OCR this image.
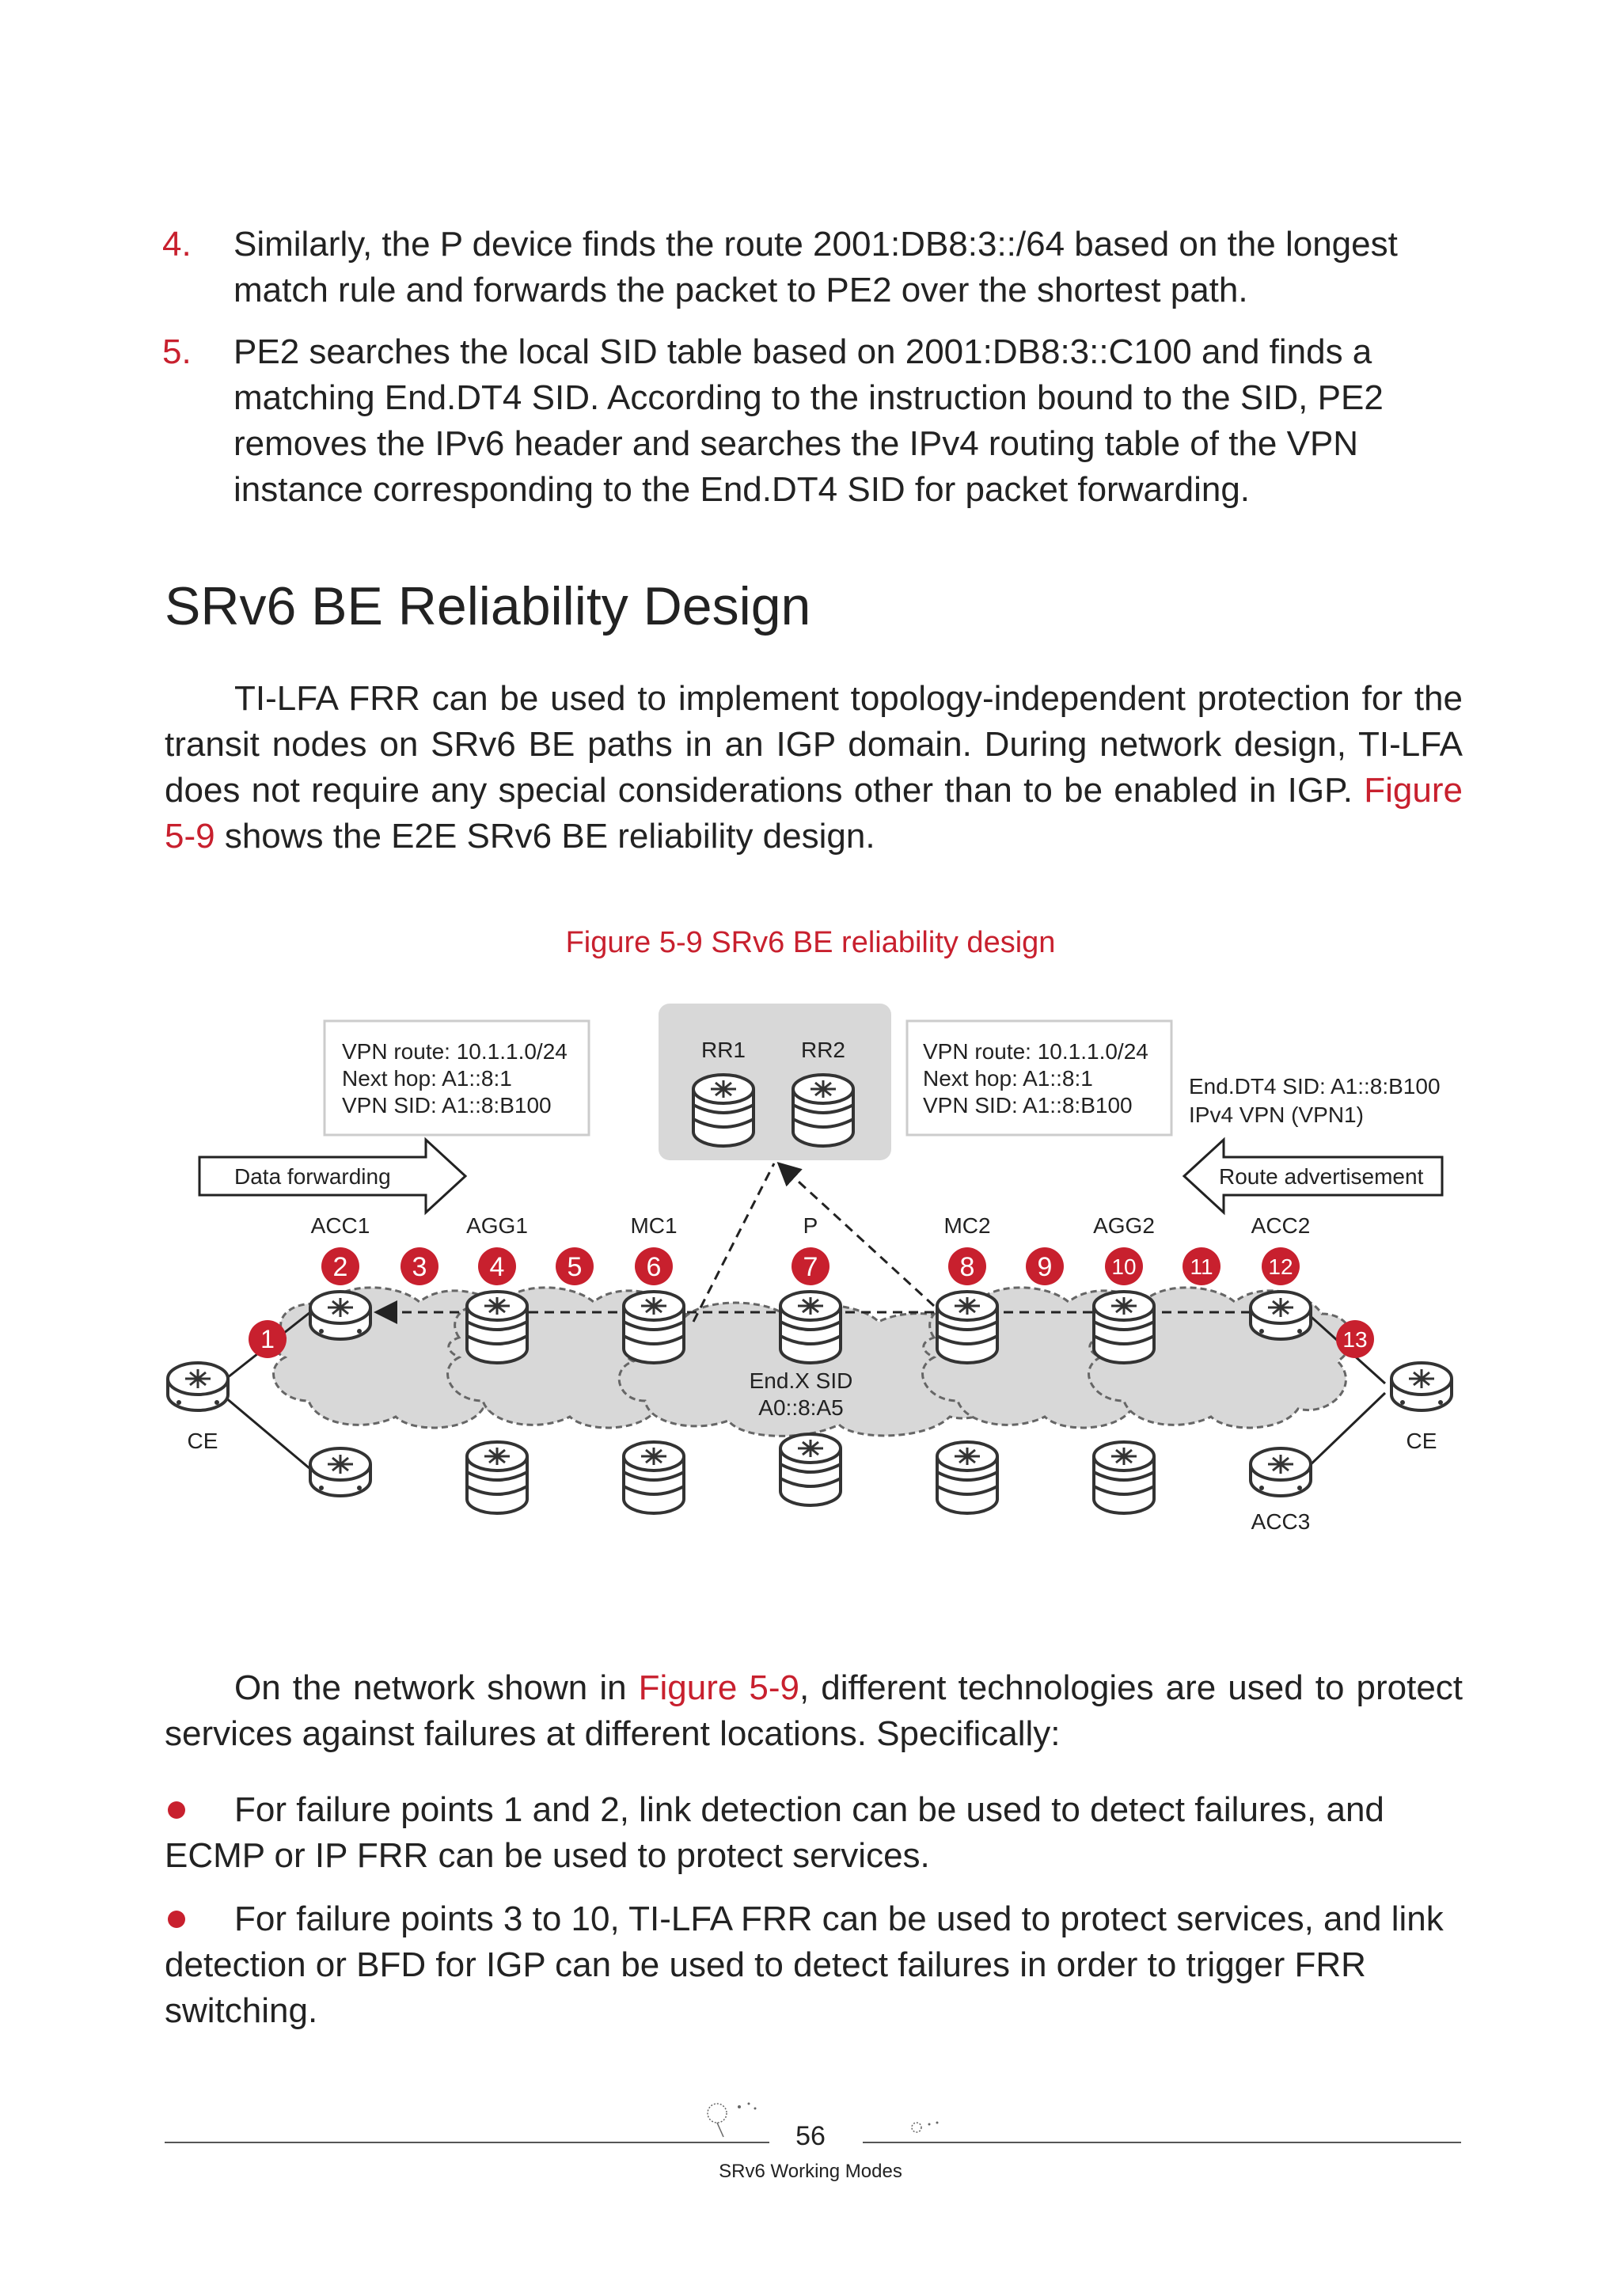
4. Similarly, the P device finds the route 2001:DB8:3::/64 based on the longest match rule and forwards the packet to PE2 over the shortest path.
5. PE2 searches the local SID table based on 2001:DB8:3::C100 and finds a matching End.DT4 SID. According to the instruction bound to the SID, PE2 removes the IPv6 header and searches the IPv4 routing table of the VPN instance corresponding to the End.DT4 SID for packet forwarding.
SRv6 BE Reliability Design
TI-LFA FRR can be used to implement topology-independent protection for the transit nodes on SRv6 BE paths in an IGP domain. During network design, TI-LFA does not require any special considerations other than to be enabled in IGP. Figure 5-9 shows the E2E SRv6 BE reliability design.
Figure 5-9 SRv6 BE reliability design
RR1 RR2
VPN route: 10.1.1.0/24
Next hop: A1::8:1
VPN SID: A1::8:B100
VPN route: 10.1.1.0/24
Next hop: A1::8:1
VPN SID: A1::8:B100
End.DT4 SID: A1::8:B100
IPv4 VPN (VPN1)
Data forwarding	Route advertisement
ACC1	AGG1	MC1	P	MC2	AGG2	ACC2
CE	CE
ACC3
End.X SID
A0::8:A5
1
2 3 4 5 6	7	8 9	10 11 12
13
On the network shown in Figure 5-9, different technologies are used to protect services against failures at different locations. Specifically:
For failure points 1 and 2, link detection can be used to detect failures, and ECMP or IP FRR can be used to protect services.
For failure points 3 to 10, TI-LFA FRR can be used to protect services, and link detection or BFD for IGP can be used to detect failures in order to trigger FRR switching.
56
SRv6 Working Modes
